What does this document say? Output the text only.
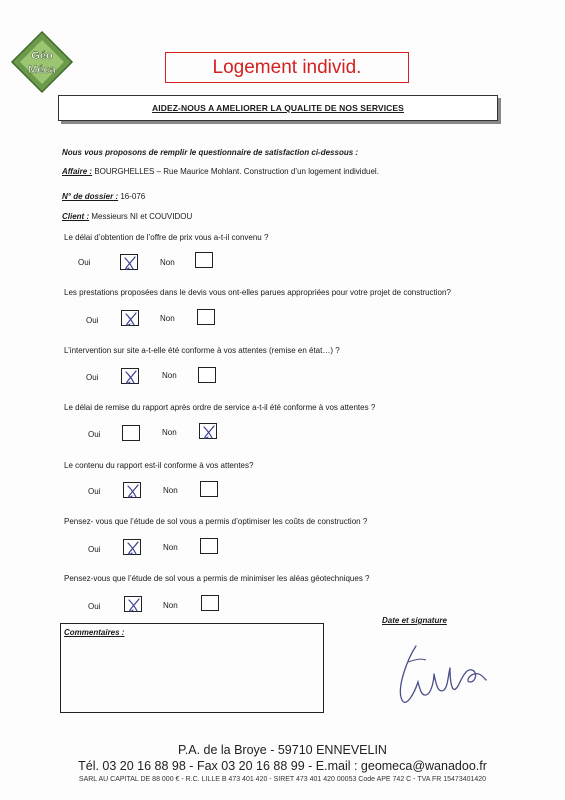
Géo
Méca	Logement individ.
AIDEZ-NOUS A AMELIORER LA QUALITE DE NOS SERVICES
Nous vous proposons de remplir le questionnaire de satisfaction ci-dessous :
Affaire : BOURGHELLES – Rue Maurice Mohlant. Construction d’un logement individuel.
N° de dossier : 16-076
Client : Messieurs NI et COUVIDOU
Le délai d’obtention de l’offre de prix vous a-t-il convenu ?
Oui	Non
Les prestations proposées dans le devis vous ont-elles parues appropriées pour votre projet de construction?
Oui	Non
L’intervention sur site a-t-elle été conforme à vos attentes (remise en état…) ?
Oui	Non
Le délai de remise du rapport après ordre de service a-t-il été conforme à vos attentes ?
Oui	Non
Le contenu du rapport est-il conforme à vos attentes?
Oui	Non
Pensez- vous que l’étude de sol vous a permis d’optimiser les coûts de construction ?
Oui	Non
Pensez-vous que l’étude de sol vous a permis de minimiser les aléas géotechniques ?
Oui	Non
Commentaires :
Date et signature
P.A. de la Broye - 59710 ENNEVELIN
Tél. 03 20 16 88 98 - Fax 03 20 16 88 99 - E.mail : geomeca@wanadoo.fr
SARL AU CAPITAL DE 88 000 € - R.C. LILLE B 473 401 420 - SIRET 473 401 420 00053 Code APE 742 C - TVA FR 15473401420
